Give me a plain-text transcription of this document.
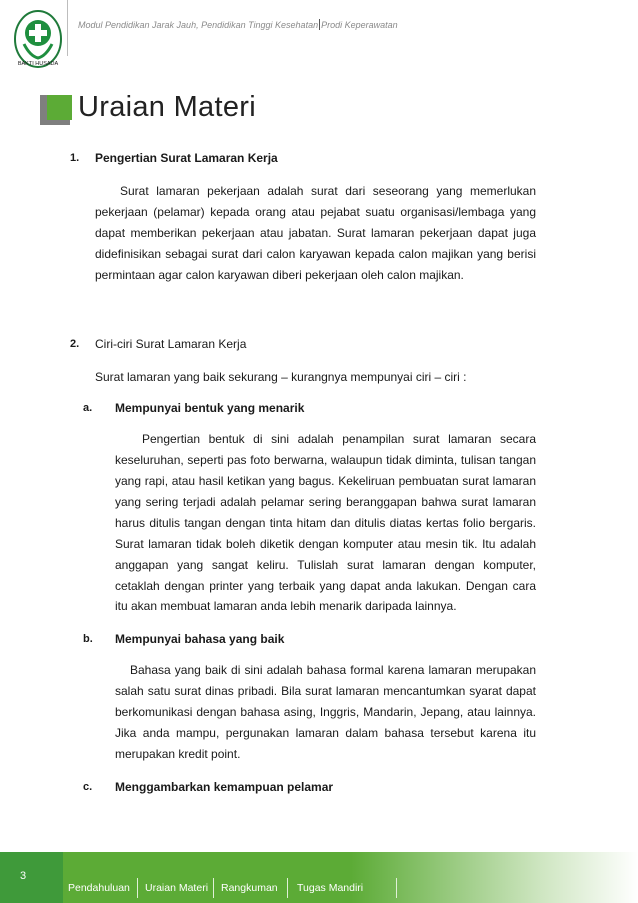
BAKTI HUSADA
Modul Pendidikan Jarak Jauh, Pendidikan Tinggi Kesehatan Prodi Keperawatan
Uraian Materi
1.	Pengertian Surat Lamaran Kerja

Surat lamaran pekerjaan adalah surat dari seseorang yang memerlukan pekerjaan (pelamar) kepada orang atau pejabat suatu organisasi/lembaga yang dapat memberikan pekerjaan atau jabatan. Surat lamaran pekerjaan dapat juga didefinisikan sebagai surat dari calon karyawan kepada calon majikan yang berisi permintaan agar calon karyawan diberi pekerjaan oleh calon majikan.

2.	Ciri-ciri Surat Lamaran Kerja

Surat lamaran yang baik sekurang – kurangnya mempunyai ciri – ciri :

a.	Mempunyai bentuk yang menarik

Pengertian bentuk di sini adalah penampilan surat lamaran secara keseluruhan, seperti pas foto berwarna, walaupun tidak diminta, tulisan tangan yang rapi, atau hasil ketikan yang bagus. Kekeliruan pembuatan surat lamaran yang sering terjadi adalah pelamar sering beranggapan bahwa surat lamaran harus ditulis tangan dengan tinta hitam dan ditulis diatas kertas folio bergaris. Surat lamaran tidak boleh diketik dengan komputer atau mesin tik. Itu adalah anggapan yang sangat keliru. Tulislah surat lamaran dengan komputer, cetaklah dengan printer yang terbaik yang dapat anda lakukan. Dengan cara itu akan membuat lamaran anda lebih menarik daripada lainnya.

b.	Mempunyai bahasa yang baik

Bahasa yang baik di sini adalah bahasa formal karena lamaran merupakan salah satu surat dinas pribadi. Bila surat lamaran mencantumkan syarat dapat berkomunikasi dengan bahasa asing, Inggris, Mandarin, Jepang, atau lainnya. Jika anda mampu, pergunakan lamaran dalam bahasa tersebut karena itu merupakan kredit point.

c.	Menggambarkan kemampuan pelamar
3
Pendahuluan Uraian Materi Rangkuman Tugas Mandiri
